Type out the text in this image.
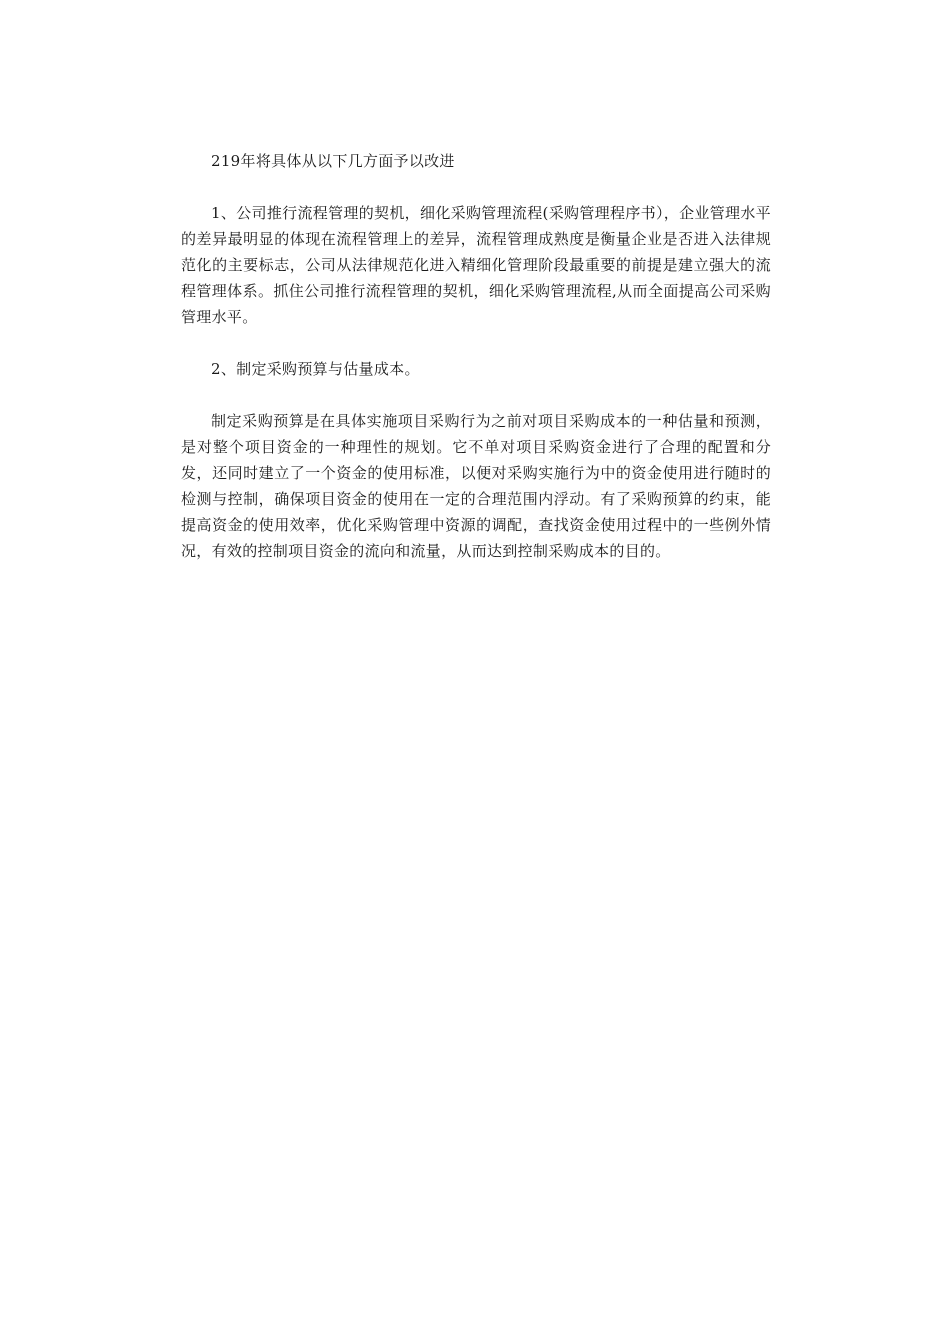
219年将具体从以下几方面予以改进

1、公司推行流程管理的契机，细化采购管理流程(采购管理程序书），企业管理水平的差异最明显的体现在流程管理上的差异，流程管理成熟度是衡量企业是否进入法律规范化的主要标志，公司从法律规范化进入精细化管理阶段最重要的前提是建立强大的流程管理体系。抓住公司推行流程管理的契机，细化采购管理流程,从而全面提高公司采购管理水平。

2、制定采购预算与估量成本。

制定采购预算是在具体实施项目采购行为之前对项目采购成本的一种估量和预测，是对整个项目资金的一种理性的规划。它不单对项目采购资金进行了合理的配置和分发，还同时建立了一个资金的使用标准，以便对采购实施行为中的资金使用进行随时的检测与控制，确保项目资金的使用在一定的合理范围内浮动。有了采购预算的约束，能提高资金的使用效率，优化采购管理中资源的调配，查找资金使用过程中的一些例外情况，有效的控制项目资金的流向和流量，从而达到控制采购成本的目的。
